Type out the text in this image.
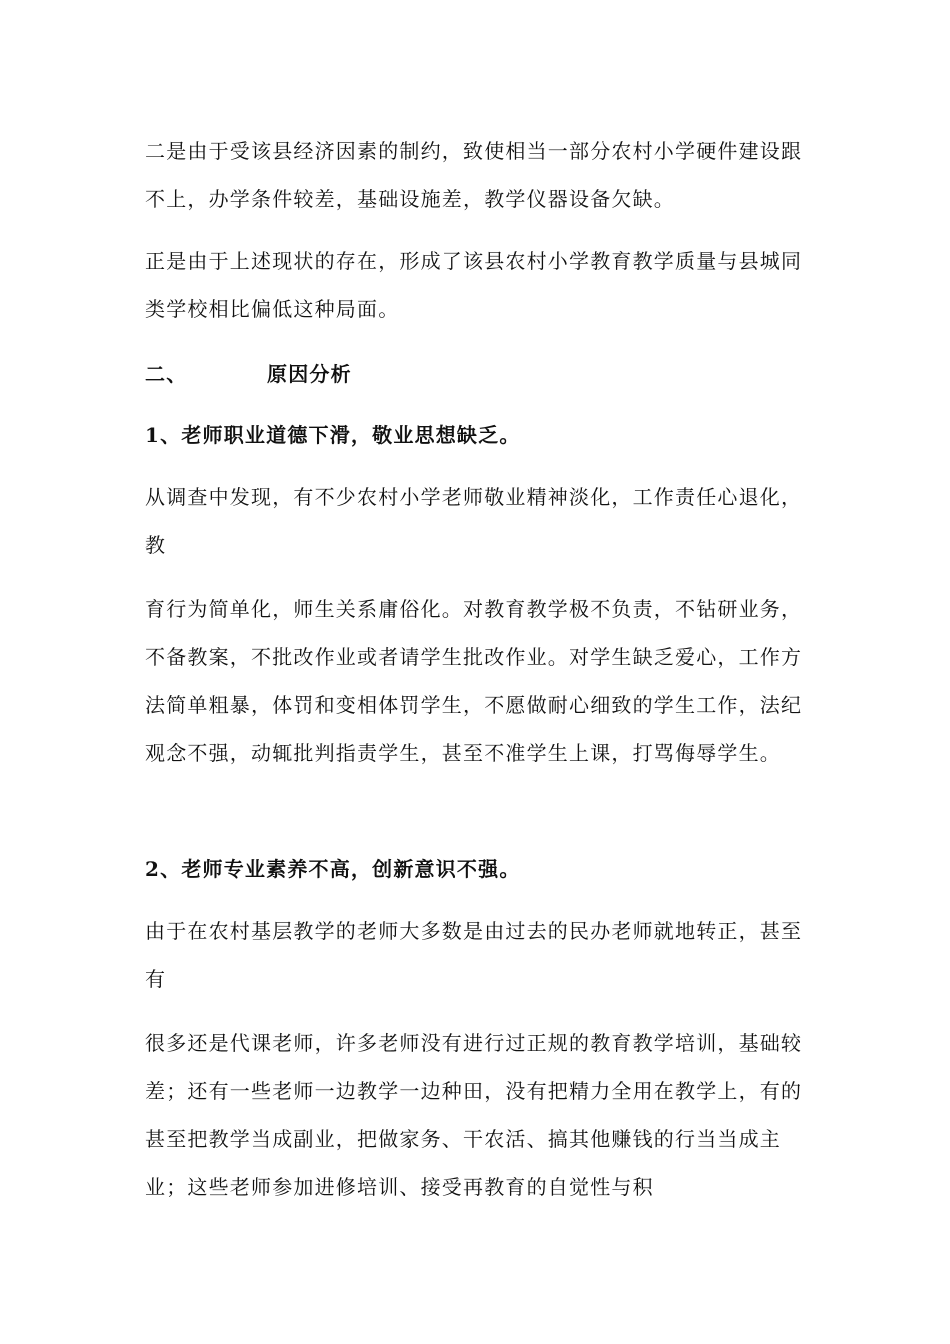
二是由于受该县经济因素的制约，致使相当一部分农村小学硬件建设跟不上，办学条件较差，基础设施差，教学仪器设备欠缺。

正是由于上述现状的存在，形成了该县农村小学教育教学质量与县城同类学校相比偏低这种局面。

二、	原因分析

1、老师职业道德下滑，敬业思想缺乏。

从调查中发现，有不少农村小学老师敬业精神淡化，工作责任心退化，教

育行为简单化，师生关系庸俗化。对教育教学极不负责，不钻研业务，不备教案，不批改作业或者请学生批改作业。对学生缺乏爱心，工作方法简单粗暴，体罚和变相体罚学生，不愿做耐心细致的学生工作，法纪观念不强，动辄批判指责学生，甚至不准学生上课，打骂侮辱学生。

2、老师专业素养不高，创新意识不强。

由于在农村基层教学的老师大多数是由过去的民办老师就地转正，甚至有

很多还是代课老师，许多老师没有进行过正规的教育教学培训，基础较差；还有一些老师一边教学一边种田，没有把精力全用在教学上，有的甚至把教学当成副业，把做家务、干农活、搞其他赚钱的行当当成主业；这些老师参加进修培训、接受再教育的自觉性与积
